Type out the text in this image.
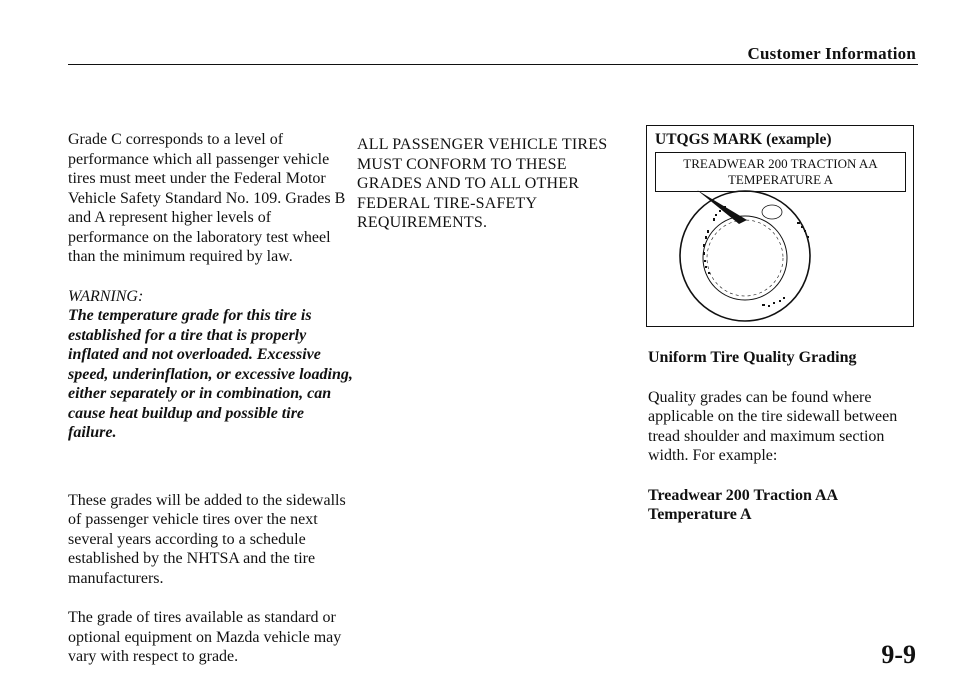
Customer Information

Grade C corresponds to a level of performance which all passenger vehicle tires must meet under the Federal Motor Vehicle Safety Standard No. 109. Grades B and A represent higher levels of performance on the laboratory test wheel than the minimum required by law.

WARNING:

The temperature grade for this tire is established for a tire that is properly inflated and not overloaded. Excessive speed, underinflation, or excessive loading, either separately or in combination, can cause heat buildup and possible tire failure.

These grades will be added to the sidewalls of passenger vehicle tires over the next several years according to a schedule established by the NHTSA and the tire manufacturers.

The grade of tires available as standard or optional equipment on Mazda vehicle may vary with respect to grade.

ALL PASSENGER VEHICLE TIRES MUST CONFORM TO THESE GRADES AND TO ALL OTHER FEDERAL TIRE-SAFETY REQUIREMENTS.

UTQGS MARK (example)
TREADWEAR 200 TRACTION AA
TEMPERATURE A

Uniform Tire Quality Grading

Quality grades can be found where applicable on the tire sidewall between tread shoulder and maximum section width. For example:

Treadwear 200 Traction AA

Temperature A

9-9
